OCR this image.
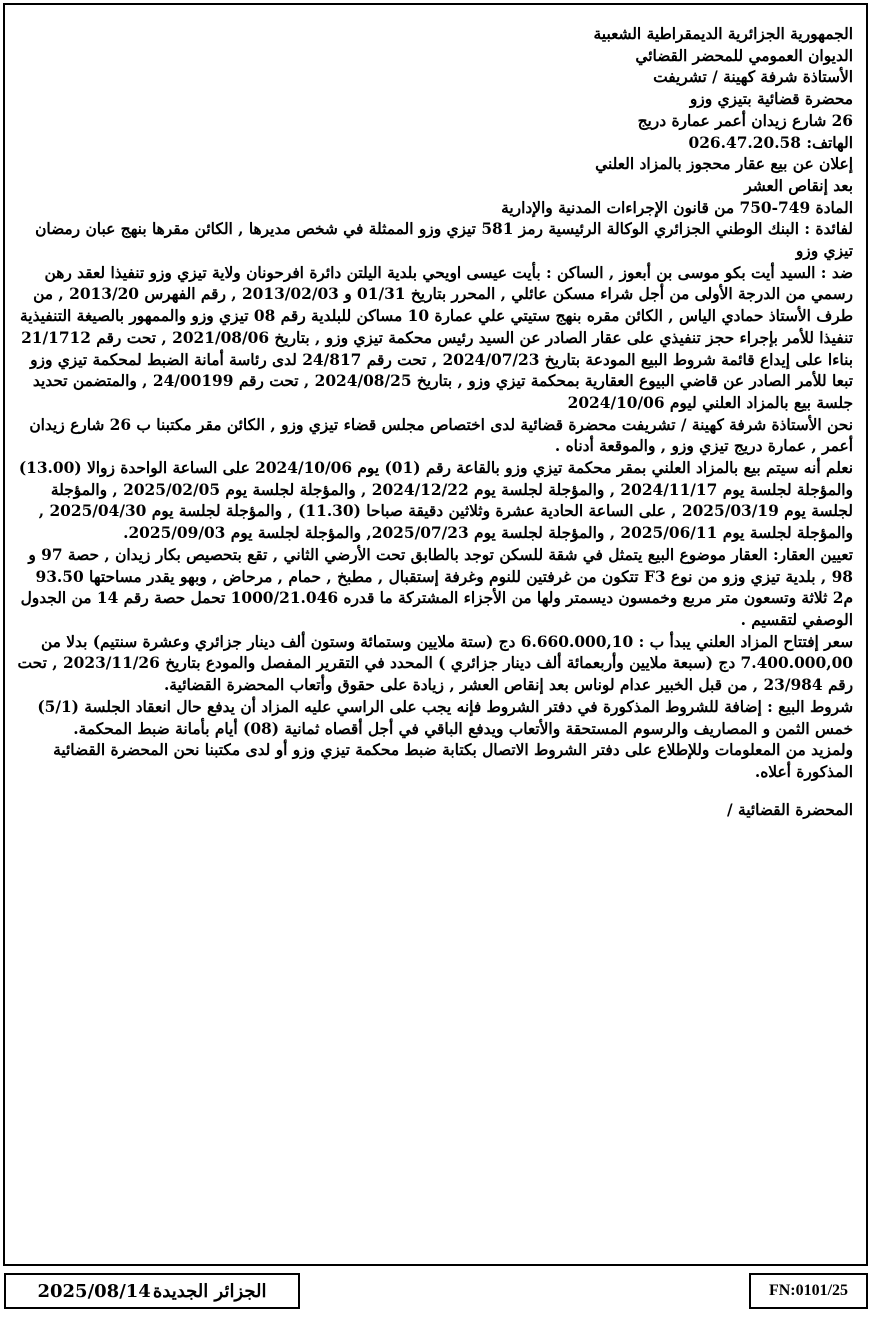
الجمهورية الجزائرية الديمقراطية الشعبية

الديوان العمومي للمحضر القضائي

الأستاذة شرفة كهينة / تشريفت

محضرة قضائية بتيزي وزو

26 شارع زيدان أعمر عمارة دريج

الهاتف: 026.47.20.58

إعلان عن بيع عقار محجوز بالمزاد العلني

بعد إنقاص العشر

المادة 749-750 من قانون الإجراءات المدنية والإدارية

لفائدة : البنك الوطني الجزائري الوكالة الرئيسية رمز 581 تيزي وزو الممثلة في شخص مديرها , الكائن مقرها بنهج عبان رمضان تيزي وزو

ضد : السيد أيت بكو موسى بن أبعوز , الساكن : بأيت عيسى اويحي بلدية اليلتن دائرة افرحونان ولاية تيزي وزو تنفيذا لعقد رهن رسمي من الدرجة الأولى من أجل شراء مسكن عائلي , المحرر بتاريخ 01/31 و 2013/02/03 , رقم الفهرس 2013/20 , من طرف الأستاذ حمادي الياس , الكائن مقره بنهج ستيتي علي عمارة 10 مساكن للبلدية رقم 08 تيزي وزو والممهور بالصيغة التنفيذية

تنفيذا للأمر بإجراء حجز تنفيذي على عقار الصادر عن السيد رئيس محكمة تيزي وزو , بتاريخ 2021/08/06 , تحت رقم 21/1712

بناءا على إيداع قائمة شروط البيع المودعة بتاريخ 2024/07/23 , تحت رقم 24/817 لدى رئاسة أمانة الضبط لمحكمة تيزي وزو

تبعا للأمر الصادر عن قاضي البيوع العقارية بمحكمة تيزي وزو , بتاريخ 2024/08/25 , تحت رقم 24/00199 , والمتضمن تحديد جلسة بيع بالمزاد العلني ليوم 2024/10/06

نحن الأستاذة شرفة كهينة / تشريفت محضرة قضائية لدى اختصاص مجلس قضاء تيزي وزو , الكائن مقر مكتبنا ب 26 شارع زيدان أعمر , عمارة دريج تيزي وزو , والموقعة أدناه .

نعلم أنه سيتم بيع بالمزاد العلني بمقر محكمة تيزي وزو بالقاعة رقم (01) يوم 2024/10/06 على الساعة الواحدة زوالا (13.00) والمؤجلة لجلسة يوم 2024/11/17 , والمؤجلة لجلسة يوم 2024/12/22 , والمؤجلة لجلسة يوم 2025/02/05 , والمؤجلة لجلسة يوم 2025/03/19 , على الساعة الحادية عشرة وثلاثين دقيقة صباحا (11.30) , والمؤجلة لجلسة يوم 2025/04/30 , والمؤجلة لجلسة يوم 2025/06/11 , والمؤجلة لجلسة يوم 2025/07/23, والمؤجلة لجلسة يوم 2025/09/03.

تعيين العقار: العقار موضوع البيع يتمثل في شقة للسكن توجد بالطابق تحت الأرضي الثاني , تقع بتحصيص بكار زيدان , حصة 97 و 98 , بلدية تيزي وزو من نوع F3 تتكون من غرفتين للنوم وغرفة إستقبال , مطبخ , حمام , مرحاض , وبهو يقدر مساحتها 93.50 م2 ثلاثة وتسعون متر مربع وخمسون ديسمتر ولها من الأجزاء المشتركة ما قدره 1000/21.046 تحمل حصة رقم 14 من الجدول الوصفي لتقسيم .

سعر إفتتاح المزاد العلني يبدأ ب : 6.660.000,10 دج (ستة ملايين وستمائة وستون ألف دينار جزائري وعشرة سنتيم) بدلا من 7.400.000,00 دج (سبعة ملايين وأربعمائة ألف دينار جزائري ) المحدد في التقرير المفصل والمودع بتاريخ 2023/11/26 , تحت رقم 23/984 , من قبل الخبير عدام لوناس بعد إنقاص العشر , زيادة على حقوق وأتعاب المحضرة القضائية.

شروط البيع : إضافة للشروط المذكورة في دفتر الشروط فإنه يجب على الراسي عليه المزاد أن يدفع حال انعقاد الجلسة (5/1) خمس الثمن و المصاريف والرسوم المستحقة والأتعاب ويدفع الباقي في أجل أقصاه ثمانية (08) أيام بأمانة ضبط المحكمة.

ولمزيد من المعلومات وللإطلاع على دفتر الشروط الاتصال بكتابة ضبط محكمة تيزي وزو أو لدى مكتبنا نحن المحضرة القضائية المذكورة أعلاه.

المحضرة القضائية /

2025/08/14 الجزائر الجديدة	FN:0101/25
